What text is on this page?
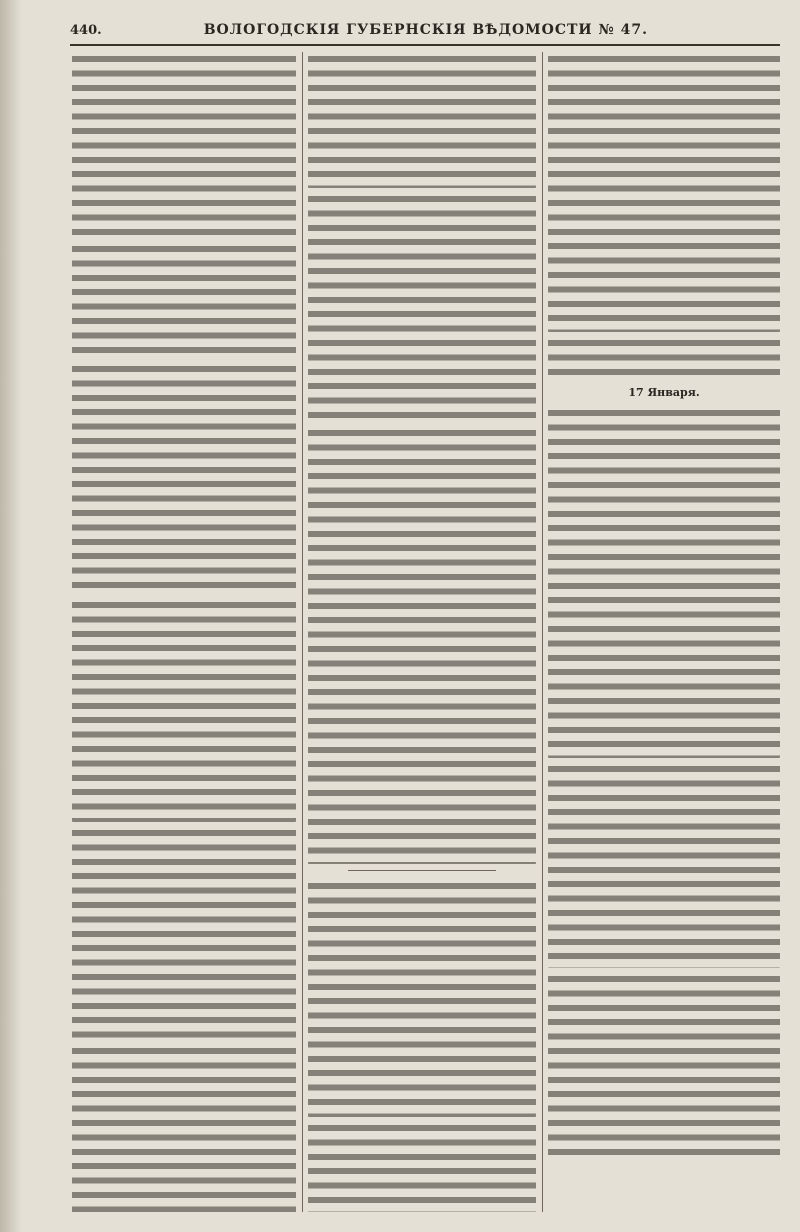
440.	ВОЛОГОДСКІЯ ГУБЕРНСКІЯ ВѢДОМОСТИ № 47.
17 Января.
